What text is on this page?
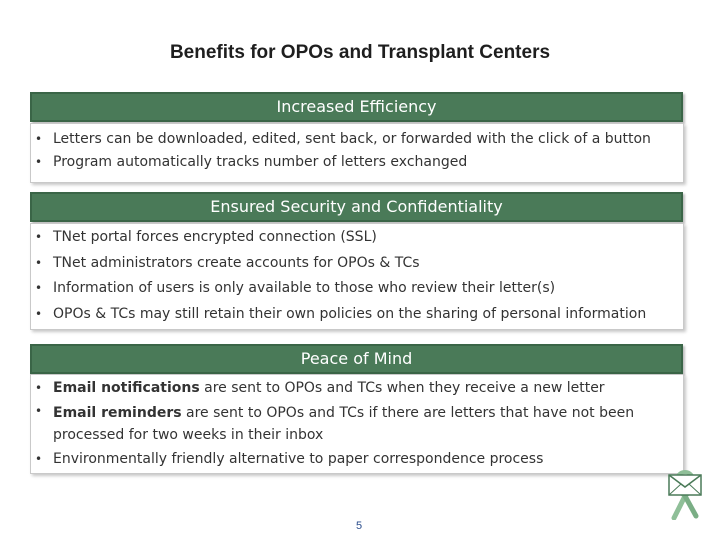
Benefits for OPOs and Transplant Centers
Increased Efficiency
• Letters can be downloaded, edited, sent back, or forwarded with the click of a button
• Program automatically tracks number of letters exchanged
Ensured Security and Confidentiality
• TNet portal forces encrypted connection (SSL)
• TNet administrators create accounts for OPOs & TCs
• Information of users is only available to those who review their letter(s)
• OPOs & TCs may still retain their own policies on the sharing of personal information
Peace of Mind
• Email notifications are sent to OPOs and TCs when they receive a new letter
• Email reminders are sent to OPOs and TCs if there are letters that have not been processed for two weeks in their inbox
• Environmentally friendly alternative to paper correspondence process
5
